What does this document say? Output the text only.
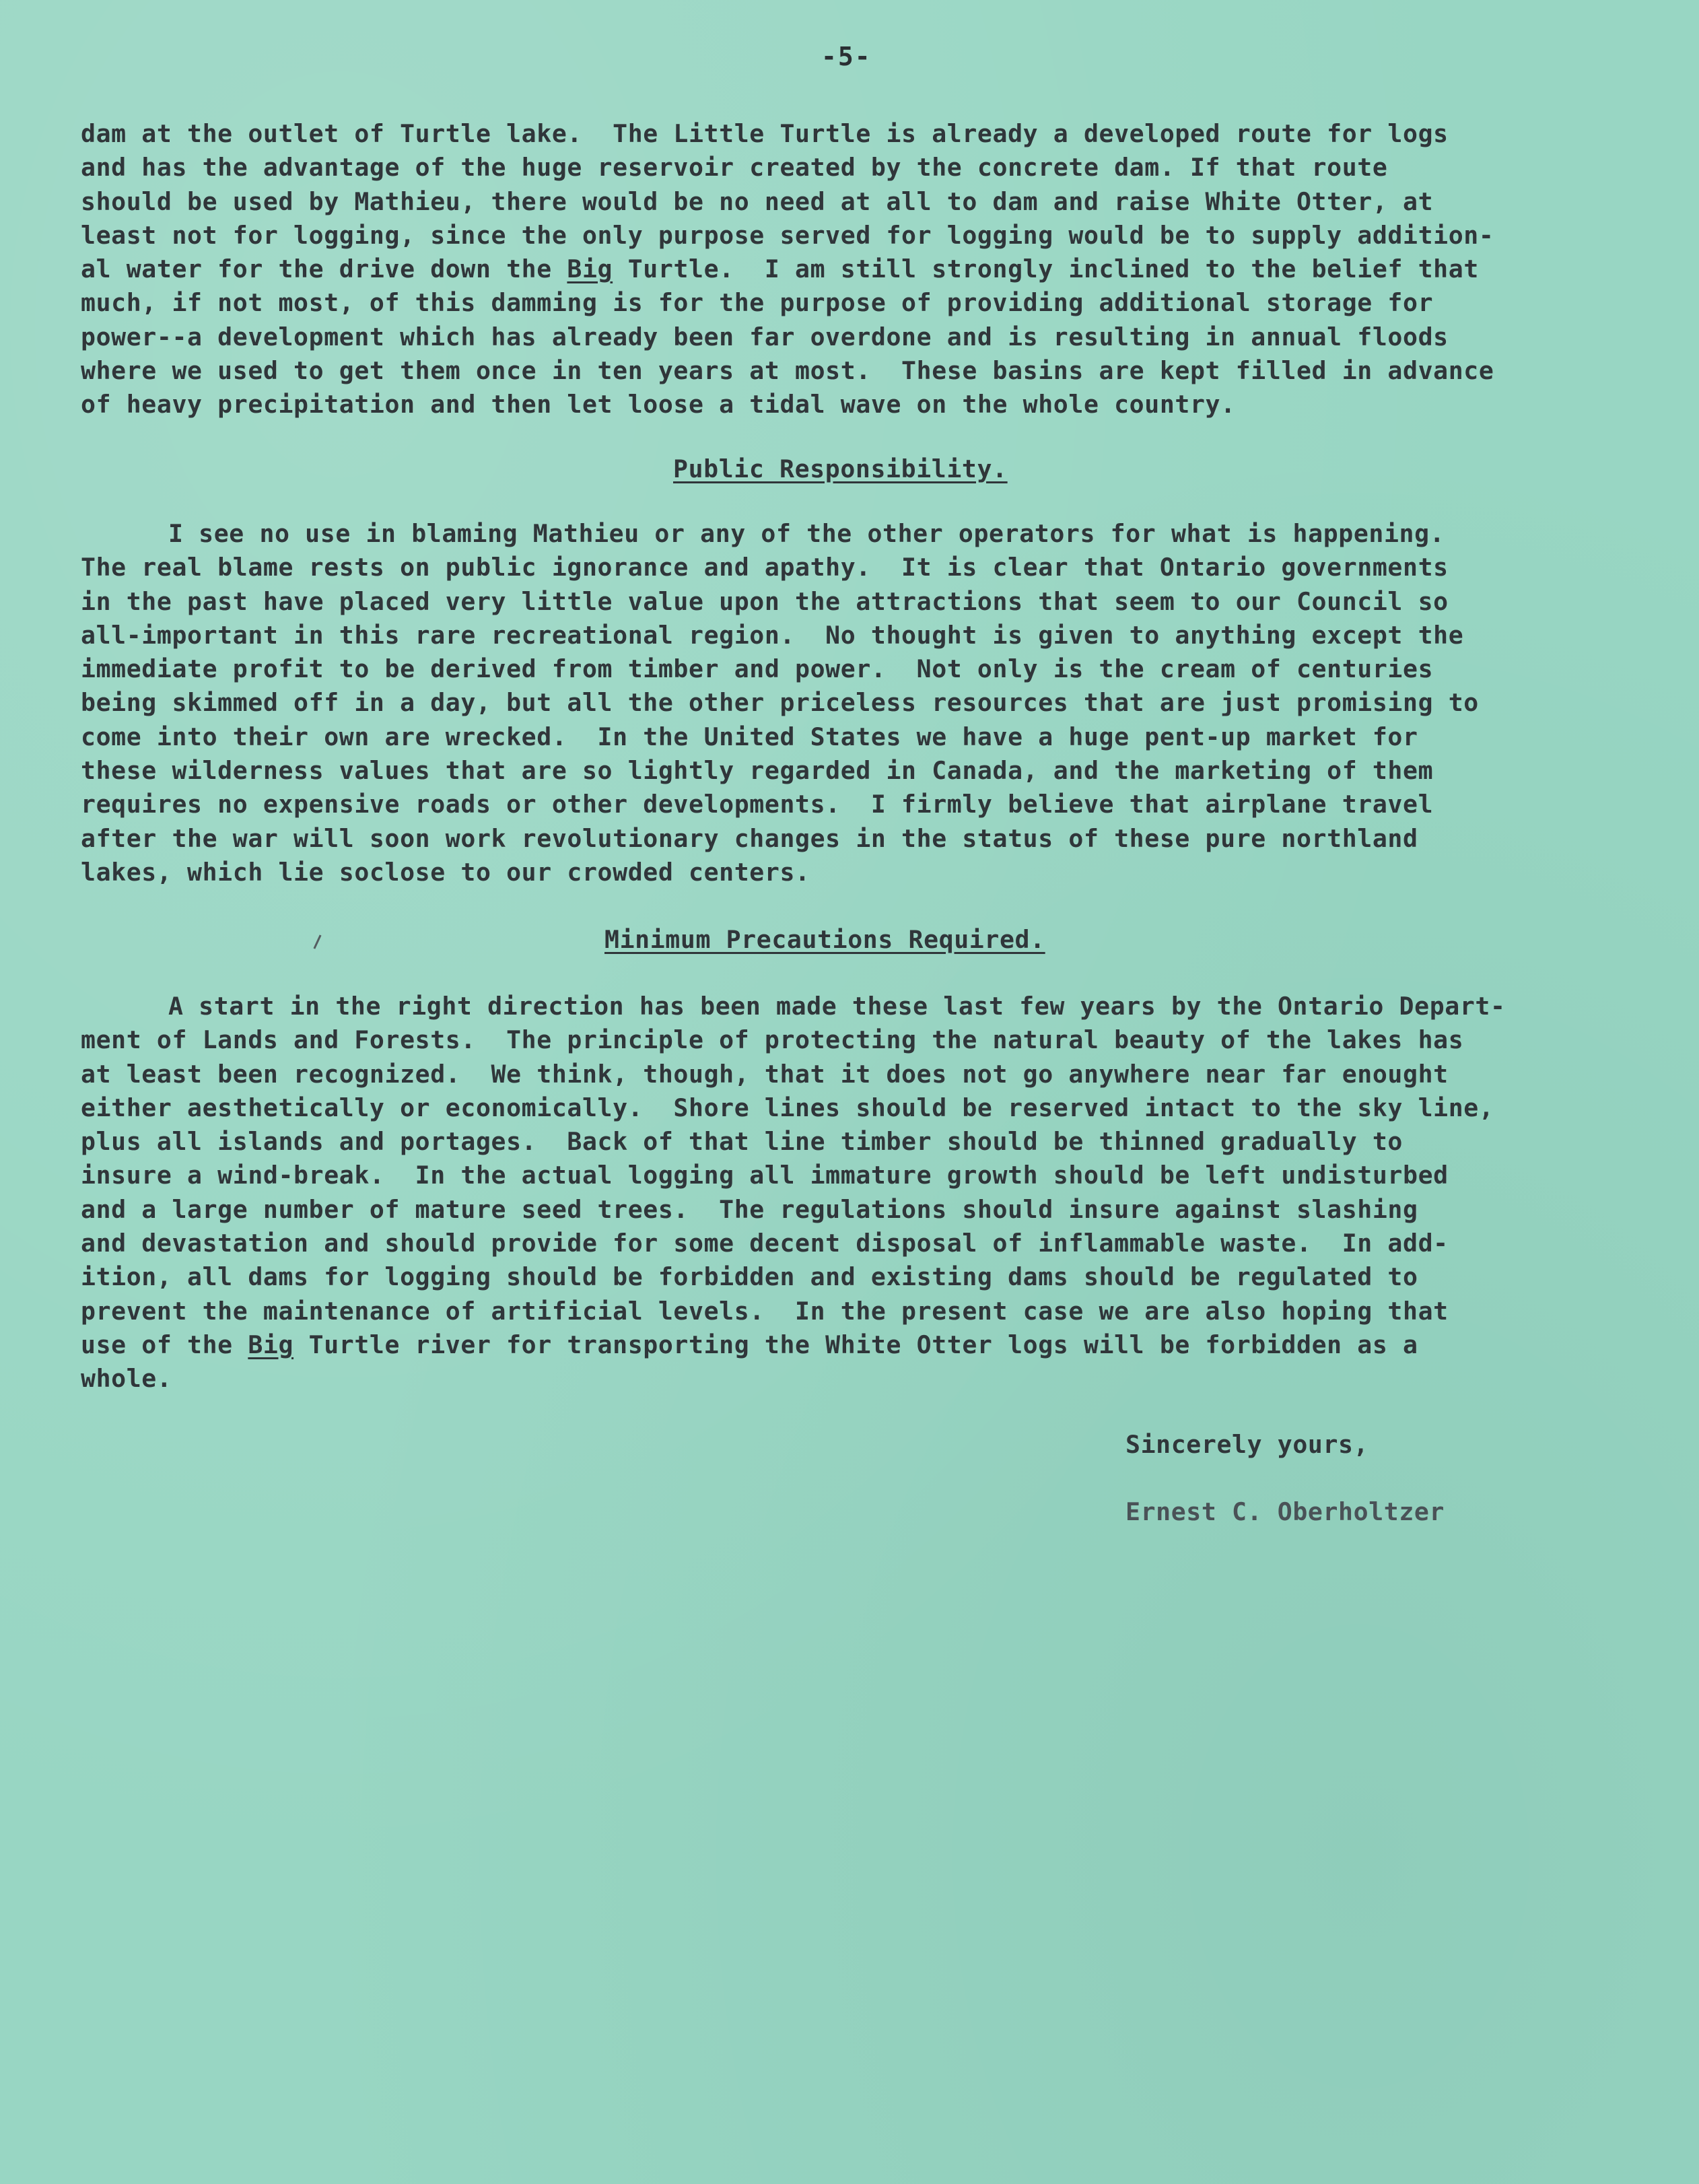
-5-
dam at the outlet of Turtle lake.  The Little Turtle is already a developed route for logs
and has the advantage of the huge reservoir created by the concrete dam. If that route
should be used by Mathieu, there would be no need at all to dam and raise White Otter, at
least not for logging, since the only purpose served for logging would be to supply addition-
al water for the drive down the Big Turtle.  I am still strongly inclined to the belief that
much, if not most, of this damming is for the purpose of providing additional storage for
power--a development which has already been far overdone and is resulting in annual floods
where we used to get them once in ten years at most.  These basins are kept filled in advance
of heavy precipitation and then let loose a tidal wave on the whole country.
Public Responsibility.
I see no use in blaming Mathieu or any of the other operators for what is happening.
The real blame rests on public ignorance and apathy.  It is clear that Ontario governments
in the past have placed very little value upon the attractions that seem to our Council so
all-important in this rare recreational region.  No thought is given to anything except the
immediate profit to be derived from timber and power.  Not only is the cream of centuries
being skimmed off in a day, but all the other priceless resources that are just promising to
come into their own are wrecked.  In the United States we have a huge pent-up market for
these wilderness values that are so lightly regarded in Canada, and the marketing of them
requires no expensive roads or other developments.  I firmly believe that airplane travel
after the war will soon work revolutionary changes in the status of these pure northland
lakes, which lie soclose to our crowded centers.
Minimum Precautions Required.
A start in the right direction has been made these last few years by the Ontario Depart-
ment of Lands and Forests.  The principle of protecting the natural beauty of the lakes has
at least been recognized.  We think, though, that it does not go anywhere near far enought
either aesthetically or economically.  Shore lines should be reserved intact to the sky line,
plus all islands and portages.  Back of that line timber should be thinned gradually to
insure a wind-break.  In the actual logging all immature growth should be left undisturbed
and a large number of mature seed trees.  The regulations should insure against slashing
and devastation and should provide for some decent disposal of inflammable waste.  In add-
ition, all dams for logging should be forbidden and existing dams should be regulated to
prevent the maintenance of artificial levels.  In the present case we are also hoping that
use of the Big Turtle river for transporting the White Otter logs will be forbidden as a
whole.
Sincerely yours,
Ernest C. Oberholtzer
